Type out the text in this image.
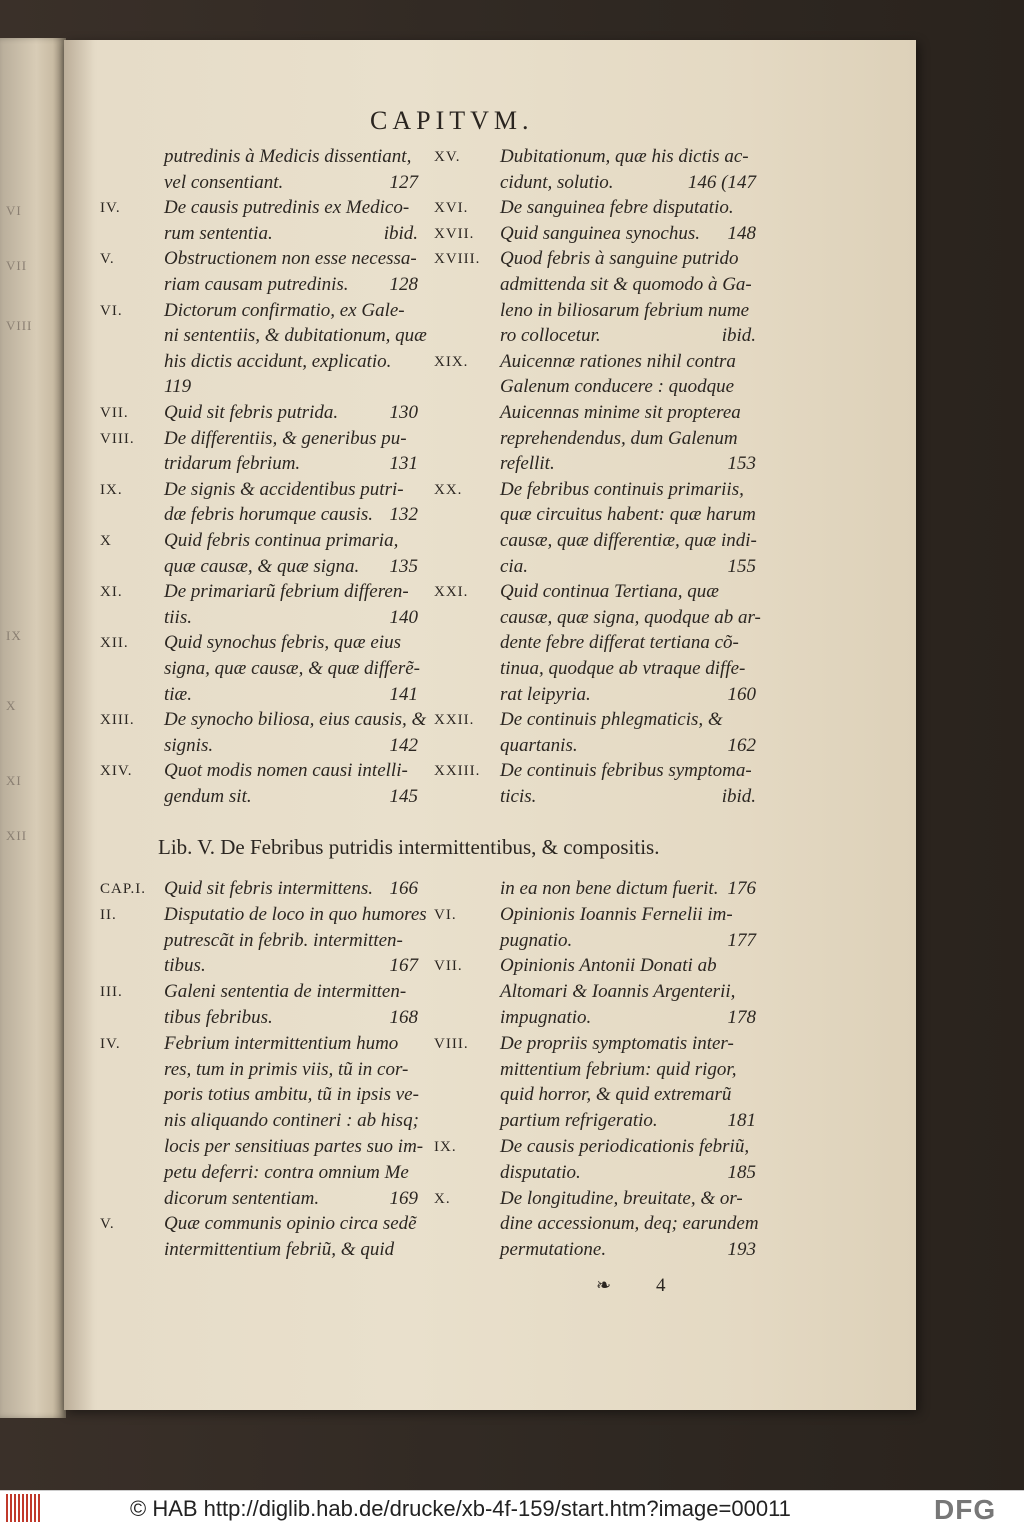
VI
VII
VIII
IX
X
XI
XII
CAPITVM.
putredinis à Medicis dissentiant,
vel consentiant.	127
IV. De causis putredinis ex Medico-
rum sententia.	ibid.
V.	Obstructionem non esse necessa-
riam causam putredinis. 128
VI. Dictorum confirmatio, ex Gale-
ni sententiis, & dubitationum, quæ
his dictis accidunt, explicatio.
119
VII. Quid sit febris putrida.	130
VIII. De differentiis, & generibus pu-
tridarum febrium.	131
IX. De signis & accidentibus putri-
dæ febris horumque causis. 132
X	Quid febris continua primaria,
quæ causæ, & quæ signa. 135
XI. De primariarũ febrium differen-
tiis.	140
XII. Quid synochus febris, quæ eius
signa, quæ causæ, & quæ differẽ-
tiæ.	141
XIII. De synocho biliosa, eius causis, &
signis.	142
XIV. Quot modis nomen causi intelli-
gendum sit.	145
XV. Dubitationum, quæ his dictis ac-
cidunt, solutio.	146 (147
XVI. De sanguinea febre disputatio.
XVII. Quid sanguinea synochus. 148
XVIII. Quod febris à sanguine putrido
admittenda sit & quomodo à Ga-
leno in biliosarum febrium nume
ro collocetur.	ibid.
XIX. Auicennæ rationes nihil contra
Galenum conducere : quodque
Auicennas minime sit propterea
reprehendendus, dum Galenum
refellit.	153
XX. De febribus continuis primariis,
quæ circuitus habent: quæ harum
causæ, quæ differentiæ, quæ indi-
cia.	155
XXI. Quid continua Tertiana, quæ
causæ, quæ signa, quodque ab ar-
dente febre differat tertiana cõ-
tinua, quodque ab vtraque diffe-
rat leipyria.	160
XXII. De continuis phlegmaticis, &
quartanis.	162
XXIII. De continuis febribus symptoma-
ticis.	ibid.
Lib. V. De Febribus putridis intermittentibus, & compositis.
CAP.I. Quid sit febris intermittens. 166
II. Disputatio de loco in quo humores
putrescãt in febrib. intermitten-
tibus.	167
III. Galeni sententia de intermitten-
tibus febribus.	168
IV. Febrium intermittentium humo
res, tum in primis viis, tũ in cor-
poris totius ambitu, tũ in ipsis ve-
nis aliquando contineri : ab hisq;
locis per sensitiuas partes suo im-
petu deferri: contra omnium Me
dicorum sententiam.	169
V.	Quæ communis opinio circa sedẽ
intermittentium febriũ, & quid
in ea non bene dictum fuerit. 176
VI. Opinionis Ioannis Fernelii im-
pugnatio.	177
VII. Opinionis Antonii Donati ab
Altomari & Ioannis Argenterii,
impugnatio.	178
VIII. De propriis symptomatis inter-
mittentium febrium: quid rigor,
quid horror, & quid extremarũ
partium refrigeratio.	181
IX. De causis periodicationis febriũ,
disputatio.	185
X.	De longitudine, breuitate, & or-
dine accessionum, deq; earundem
permutatione.	193
❧ 4
© HAB http://diglib.hab.de/drucke/xb-4f-159/start.htm?image=00011	DFG
